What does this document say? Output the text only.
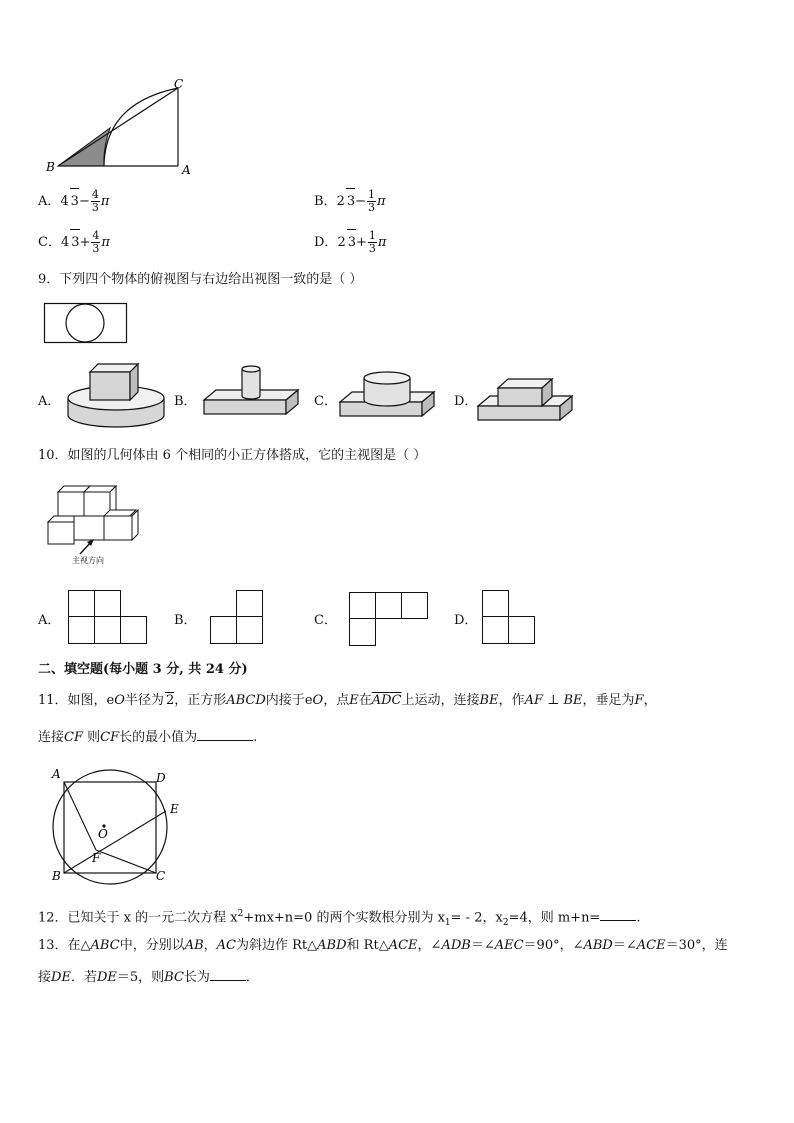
C
B	A
A．4 $3- \frac{4}{3}$ π	B．2 $3- \frac{1}{3}$ π
C．4 $3+ \frac{4}{3}$ π	D．2 $3+ \frac{1}{3}$ π
9．下列四个物体的俯视图与右边给出视图一致的是（ ）
A．	B．	C．	D．
10．如图的几何体由 6 个相同的小正方体搭成，它的主视图是（ ）
主视方向
A．	B．	C．	D．
二、填空题(每小题 3 分, 共 24 分)
11．如图，eO半径为 2，正方形ABCD内接于eO，点E在$\overline{ADC}$上运动，连接BE，作AF ⊥ BE，垂足为F，
连接CF 则CF长的最小值为	.
A	D
E
O
F
B	C
12．已知关于 x 的一元二次方程 $x^2+mx+n=0$ 的两个实数根分别为 $x_1= - 2$，$x_2=4$，则 m+n=	.
13．在△ABC中，分别以AB，AC为斜边作 Rt△ABD和 Rt△ACE，∠ADB＝∠AEC＝90°，∠ABD＝∠ACE＝30°，连
接DE．若DE＝5，则BC长为	．
